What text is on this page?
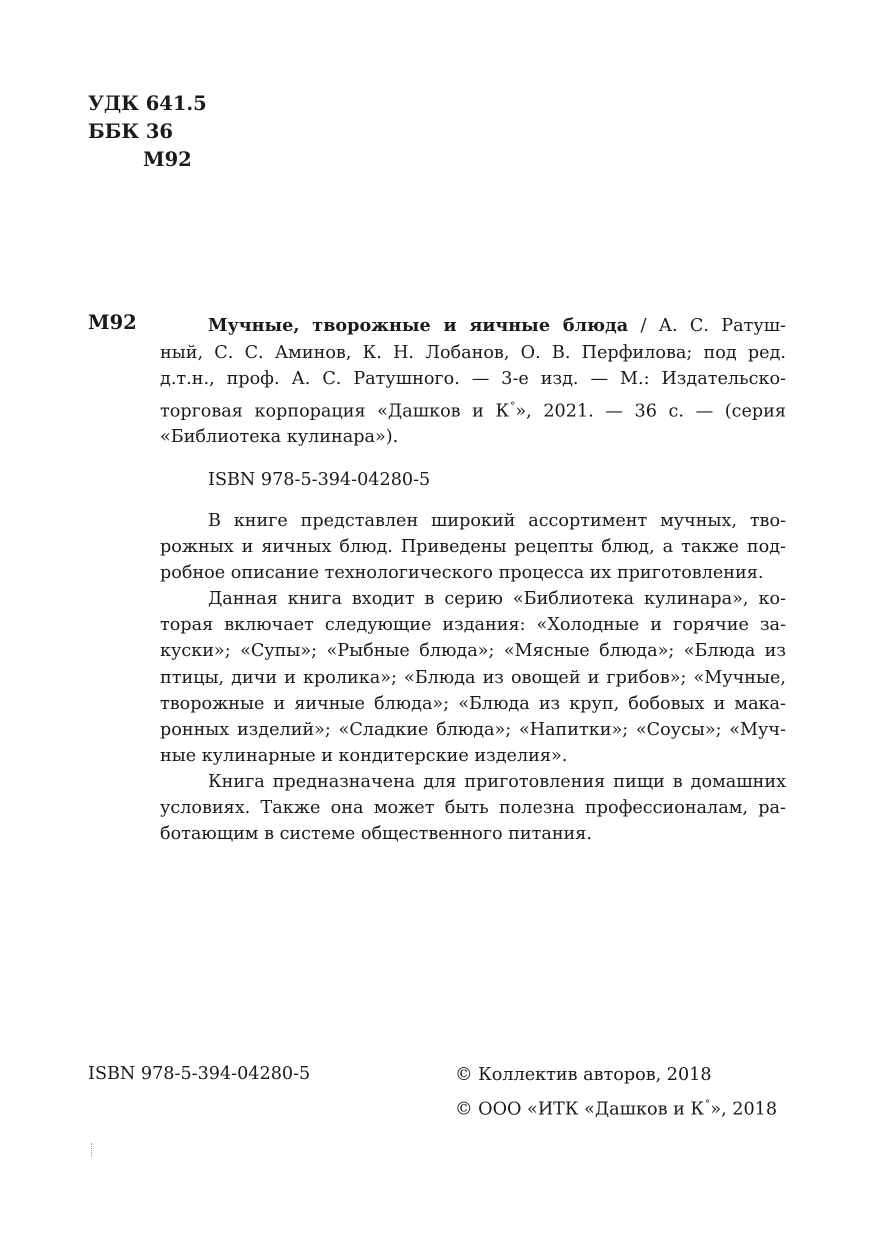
УДК 641.5
ББК 36
М92
М92	Мучные, творожные и яичные блюда / А. С. Ратуш-
ный, С. С. Аминов, К. Н. Лобанов, О. В. Перфилова; под ред.
д.т.н., проф. А. С. Ратушного. — 3-е изд. — М.: Издательско-
торговая корпорация «Дашков и К°», 2021. — 36 с. — (серия
«Библиотека кулинара»).
ISBN 978-5-394-04280-5
В книге представлен широкий ассортимент мучных, тво-
рожных и яичных блюд. Приведены рецепты блюд, а также под-
робное описание технологического процесса их приготовления.
Данная книга входит в серию «Библиотека кулинара», ко-
торая включает следующие издания: «Холодные и горячие за-
куски»; «Супы»; «Рыбные блюда»; «Мясные блюда»; «Блюда из
птицы, дичи и кролика»; «Блюда из овощей и грибов»; «Мучные,
творожные и яичные блюда»; «Блюда из круп, бобовых и мака-
ронных изделий»; «Сладкие блюда»; «Напитки»; «Соусы»; «Муч-
ные кулинарные и кондитерские изделия».
Книга предназначена для приготовления пищи в домашних
условиях. Также она может быть полезна профессионалам, ра-
ботающим в системе общественного питания.
ISBN 978-5-394-04280-5	© Коллектив авторов, 2018
© ООО «ИТК «Дашков и К°», 2018
